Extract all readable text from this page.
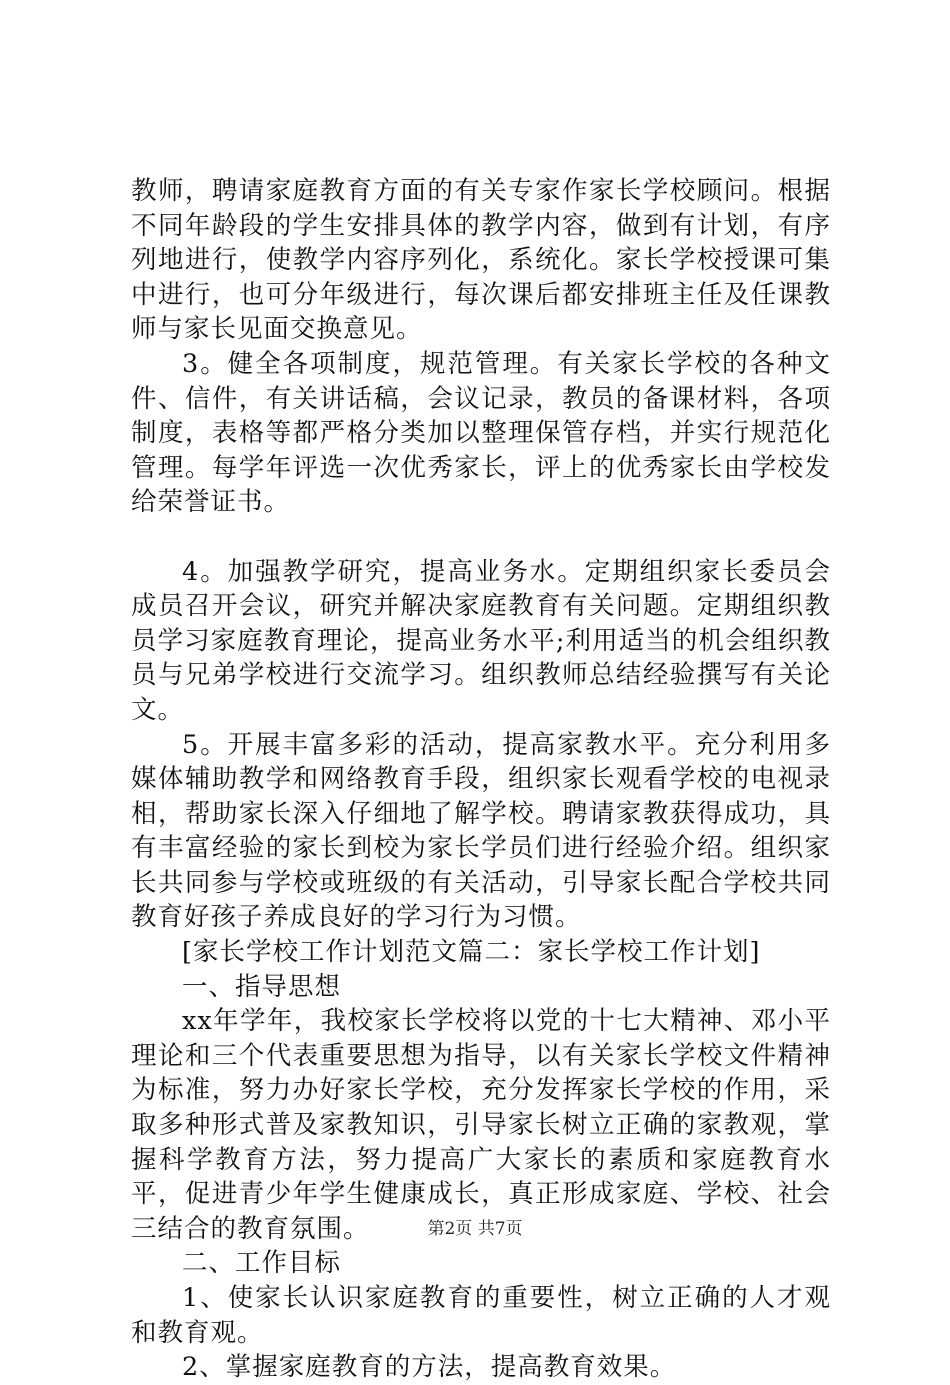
教师，聘请家庭教育方面的有关专家作家长学校顾问。根据不同年龄段的学生安排具体的教学内容，做到有计划，有序列地进行，使教学内容序列化，系统化。家长学校授课可集中进行，也可分年级进行，每次课后都安排班主任及任课教师与家长见面交换意见。

3。健全各项制度，规范管理。有关家长学校的各种文件、信件，有关讲话稿，会议记录，教员的备课材料，各项制度，表格等都严格分类加以整理保管存档，并实行规范化管理。每学年评选一次优秀家长，评上的优秀家长由学校发给荣誉证书。

4。加强教学研究，提高业务水。定期组织家长委员会成员召开会议，研究并解决家庭教育有关问题。定期组织教员学习家庭教育理论，提高业务水平;利用适当的机会组织教员与兄弟学校进行交流学习。组织教师总结经验撰写有关论文。

5。开展丰富多彩的活动，提高家教水平。充分利用多媒体辅助教学和网络教育手段，组织家长观看学校的电视录相，帮助家长深入仔细地了解学校。聘请家教获得成功，具有丰富经验的家长到校为家长学员们进行经验介绍。组织家长共同参与学校或班级的有关活动，引导家长配合学校共同教育好孩子养成良好的学习行为习惯。

[家长学校工作计划范文篇二：家长学校工作计划]

一、指导思想

xx年学年，我校家长学校将以党的十七大精神、邓小平理论和三个代表重要思想为指导，以有关家长学校文件精神为标准，努力办好家长学校，充分发挥家长学校的作用，采取多种形式普及家教知识，引导家长树立正确的家教观，掌握科学教育方法，努力提高广大家长的素质和家庭教育水平，促进青少年学生健康成长，真正形成家庭、学校、社会三结合的教育氛围。

二、工作目标

1、使家长认识家庭教育的重要性，树立正确的人才观和教育观。

2、掌握家庭教育的方法，提高教育效果。

第2页 共7页
